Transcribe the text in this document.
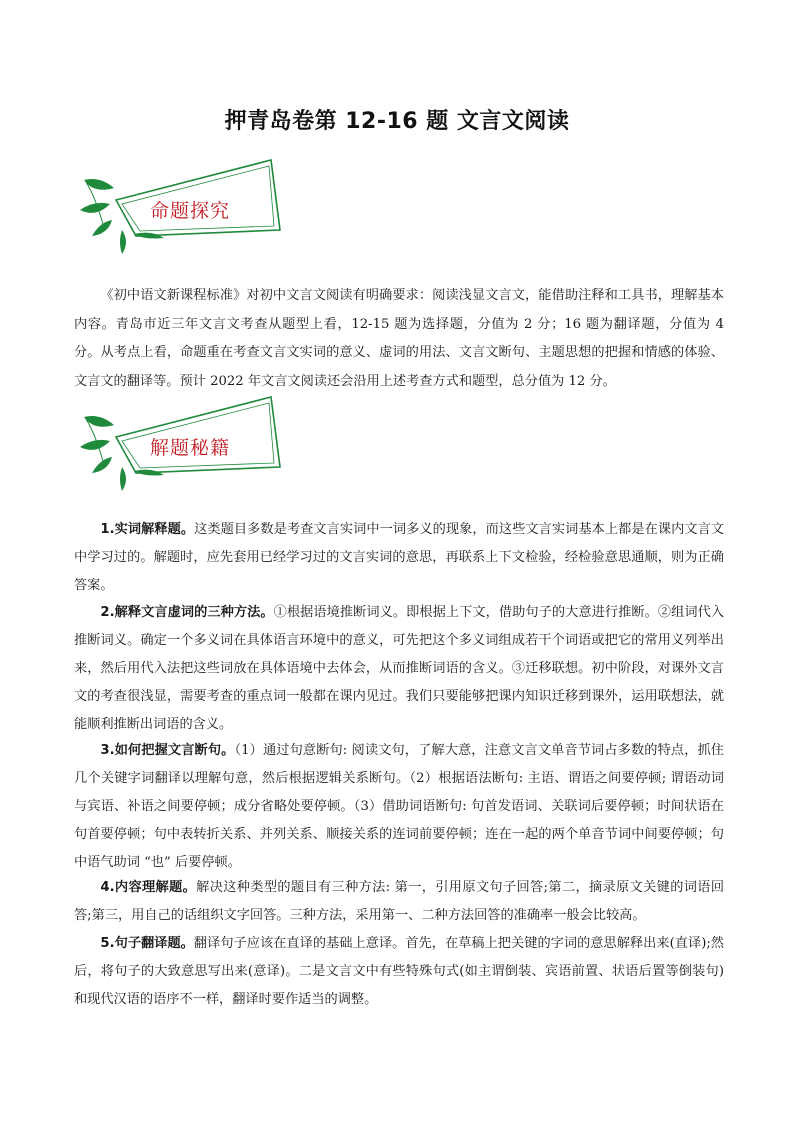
押青岛卷第 12-16 题 文言文阅读
命题探究

《初中语文新课程标准》对初中文言文阅读有明确要求：阅读浅显文言文，能借助注释和工具书，理解基本内容。青岛市近三年文言文考查从题型上看，12-15 题为选择题，分值为 2 分；16 题为翻译题，分值为 4 分。从考点上看，命题重在考查文言文实词的意义、虚词的用法、文言文断句、主题思想的把握和情感的体验、文言文的翻译等。预计 2022 年文言文阅读还会沿用上述考查方式和题型，总分值为 12 分。

解题秘籍

1.实词解释题。这类题目多数是考查文言实词中一词多义的现象，而这些文言实词基本上都是在课内文言文中学习过的。解题时，应先套用已经学习过的文言实词的意思，再联系上下文检验，经检验意思通顺，则为正确答案。

2.解释文言虚词的三种方法。①根据语境推断词义。即根据上下文，借助句子的大意进行推断。②组词代入推断词义。确定一个多义词在具体语言环境中的意义，可先把这个多义词组成若干个词语或把它的常用义列举出来，然后用代入法把这些词放在具体语境中去体会，从而推断词语的含义。③迁移联想。初中阶段，对课外文言文的考查很浅显，需要考查的重点词一般都在课内见过。我们只要能够把课内知识迁移到课外，运用联想法，就能顺利推断出词语的含义。

3.如何把握文言断句。（1）通过句意断句: 阅读文句，了解大意，注意文言文单音节词占多数的特点，抓住几个关键字词翻译以理解句意，然后根据逻辑关系断句。（2）根据语法断句: 主语、谓语之间要停顿; 谓语动词与宾语、补语之间要停顿；成分省略处要停顿。（3）借助词语断句: 句首发语词、关联词后要停顿；时间状语在句首要停顿；句中表转折关系、并列关系、顺接关系的连词前要停顿；连在一起的两个单音节词中间要停顿；句中语气助词 “也” 后要停顿。

4.内容理解题。解决这种类型的题目有三种方法: 第一，引用原文句子回答;第二，摘录原文关键的词语回答;第三，用自己的话组织文字回答。三种方法，采用第一、二种方法回答的准确率一般会比较高。

5.句子翻译题。翻译句子应该在直译的基础上意译。首先，在草稿上把关键的字词的意思解释出来(直译);然后，将句子的大致意思写出来(意译)。二是文言文中有些特殊句式(如主谓倒装、宾语前置、状语后置等倒装句)和现代汉语的语序不一样，翻译时要作适当的调整。
